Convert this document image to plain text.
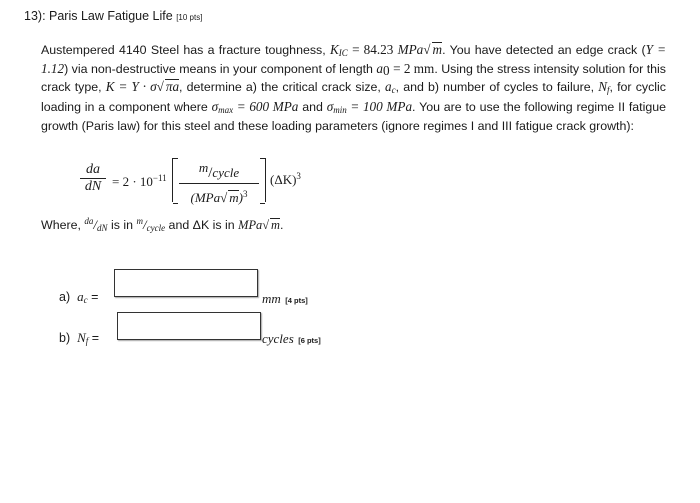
13): Paris Law Fatigue Life [10 pts]
Austempered 4140 Steel has a fracture toughness, $K_{IC} = 84.23$ MPa√ m. You have detected an edge crack (Y = 1.12) via non-destructive means in your component of length $a_0 = 2$ mm. Using the stress intensity solution for this crack type, K = Y · σ√ πa, determine a) the critical crack size, $a_c$, and b) number of cycles to failure, $N_f$, for cyclic loading in a component where $\sigma_{max} = 600$ MPa and $\sigma_{min} = 100$ MPa. You are to use the following regime II fatigue growth (Paris law) for this steel and these loading parameters (ignore regimes I and III fatigue crack growth):
da
dN = $2 \cdot 10^{-11}$
m/cycle
(MPa√ m)$^3$
$(\Delta K)^3$
Where, $^{da}/_{dN}$ is in $^m/_{cycle}$ and ΔK is in MPa√ m.
a) $a_c$ =	mm [4 pts]
b) $N_f$ =	cycles [6 pts]
